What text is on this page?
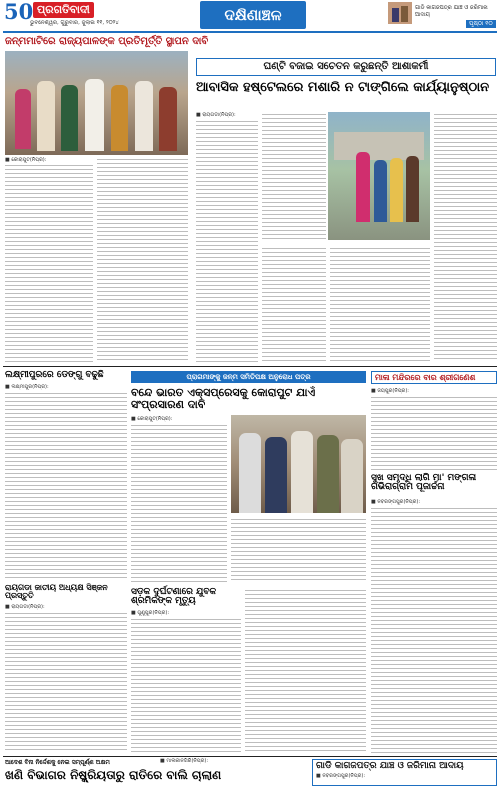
50 ପ୍ରଗତିବାଦୀ
ଭୁବନେଶ୍ୱର, ଗୁରୁବାର, ଜୁଲାଇ ୧୧, ୨୦୨୪	ଦକ୍ଷିଣାଞ୍ଚଳ	ଗାଡି କାଗଜପତ୍ର ଯାଞ୍ଚ ଓ ଜରିମାନା ଆଦାୟ
ପୃଷ୍ଠା ୧୦
ଜନ୍ମମାଟିରେ ରାଜ୍ୟପାଳଙ୍କ ପ୍ରତିମୂର୍ତ୍ତି ସ୍ଥାପନ ଦାବି
■ କୋରାପୁଟ(ନିପ୍ର):
ଘଣ୍ଟି ବଜାଇ ସଚେତନ କରୁଛନ୍ତି ଆଶାକର୍ମୀ
ଆବାସିକ ହଷ୍ଟେଲରେ ମଶାରି ନ ଟାଙ୍ଗିଲେ କାର୍ଯ୍ୟାନୁଷ୍ଠାନ
■ ରାୟଗଡା(ନିପ୍ର):
ଲକ୍ଷ୍ମୀପୁରରେ ଡେଙ୍ଗୁ ବଢୁଛି
■ ଲକ୍ଷ୍ମୀପୁର(ନିପ୍ର):
ରାୟଗଡା ଜାତୀୟ ଅଧ୍ୟକ୍ଷ ସିଞ୍ଜନ ପ୍ରସ୍ତୁତି
■ ରାୟଗଡା(ନିପ୍ର):
ପ୍ରାଗମାଙ୍କୁ ଜନ୍ମ ସମିତିପକ୍ଷ ଅନୁରୋଧ ପତ୍ର
ବନ୍ଦେ ଭାରତ ଏକ୍ସପ୍ରେସକୁ କୋରାପୁଟ ଯାଏଁ ସଂପ୍ରସାରଣ ଦାବି
■ କୋରାପୁଟ(ନିପ୍ର):
ସଡ଼କ ଦୁର୍ଘଟଣାରେ ଯୁବକ ଶ୍ରମିକଙ୍କ ମୃତ୍ୟୁ
■ ଗୁଣୁପୁର(ନିପ୍ର):
ମାଳା ମନ୍ଦିରରେ ବାର ଶ୍ରୀଗଣେଶ
■ ଜୟପୁର(ନିପ୍ର):
ସୁଖ ସମୃଦ୍ଧି ଲାଗି ମା' ମଙ୍ଗଳା ଗଭିରାଗ୍ରାମ ପୂଜାର୍ଚ୍ଚନା
■ ନବରଙ୍ଗପୁର(ନିପ୍ର):
ଆଦେଶ ବିନା ନିର୍ଦ୍ଦେଶକୁ ନେଇ ସମ୍ପୂର୍ଣ୍ଣ ଅକ୍ଷମ
ଖଣି ବିଭାଗର ନିଷ୍କ୍ରିୟତାରୁ ରାତିରେ ବାଲି ଚାଲାଣ
■ ମାଲକାନଗିରି(ନିପ୍ର):	ଗାଡି କାଗଜପତ୍ର ଯାଞ୍ଚ ଓ ଜରିମାନା ଆଦାୟ
■ ନବରଙ୍ଗପୁର(ନିପ୍ର):
